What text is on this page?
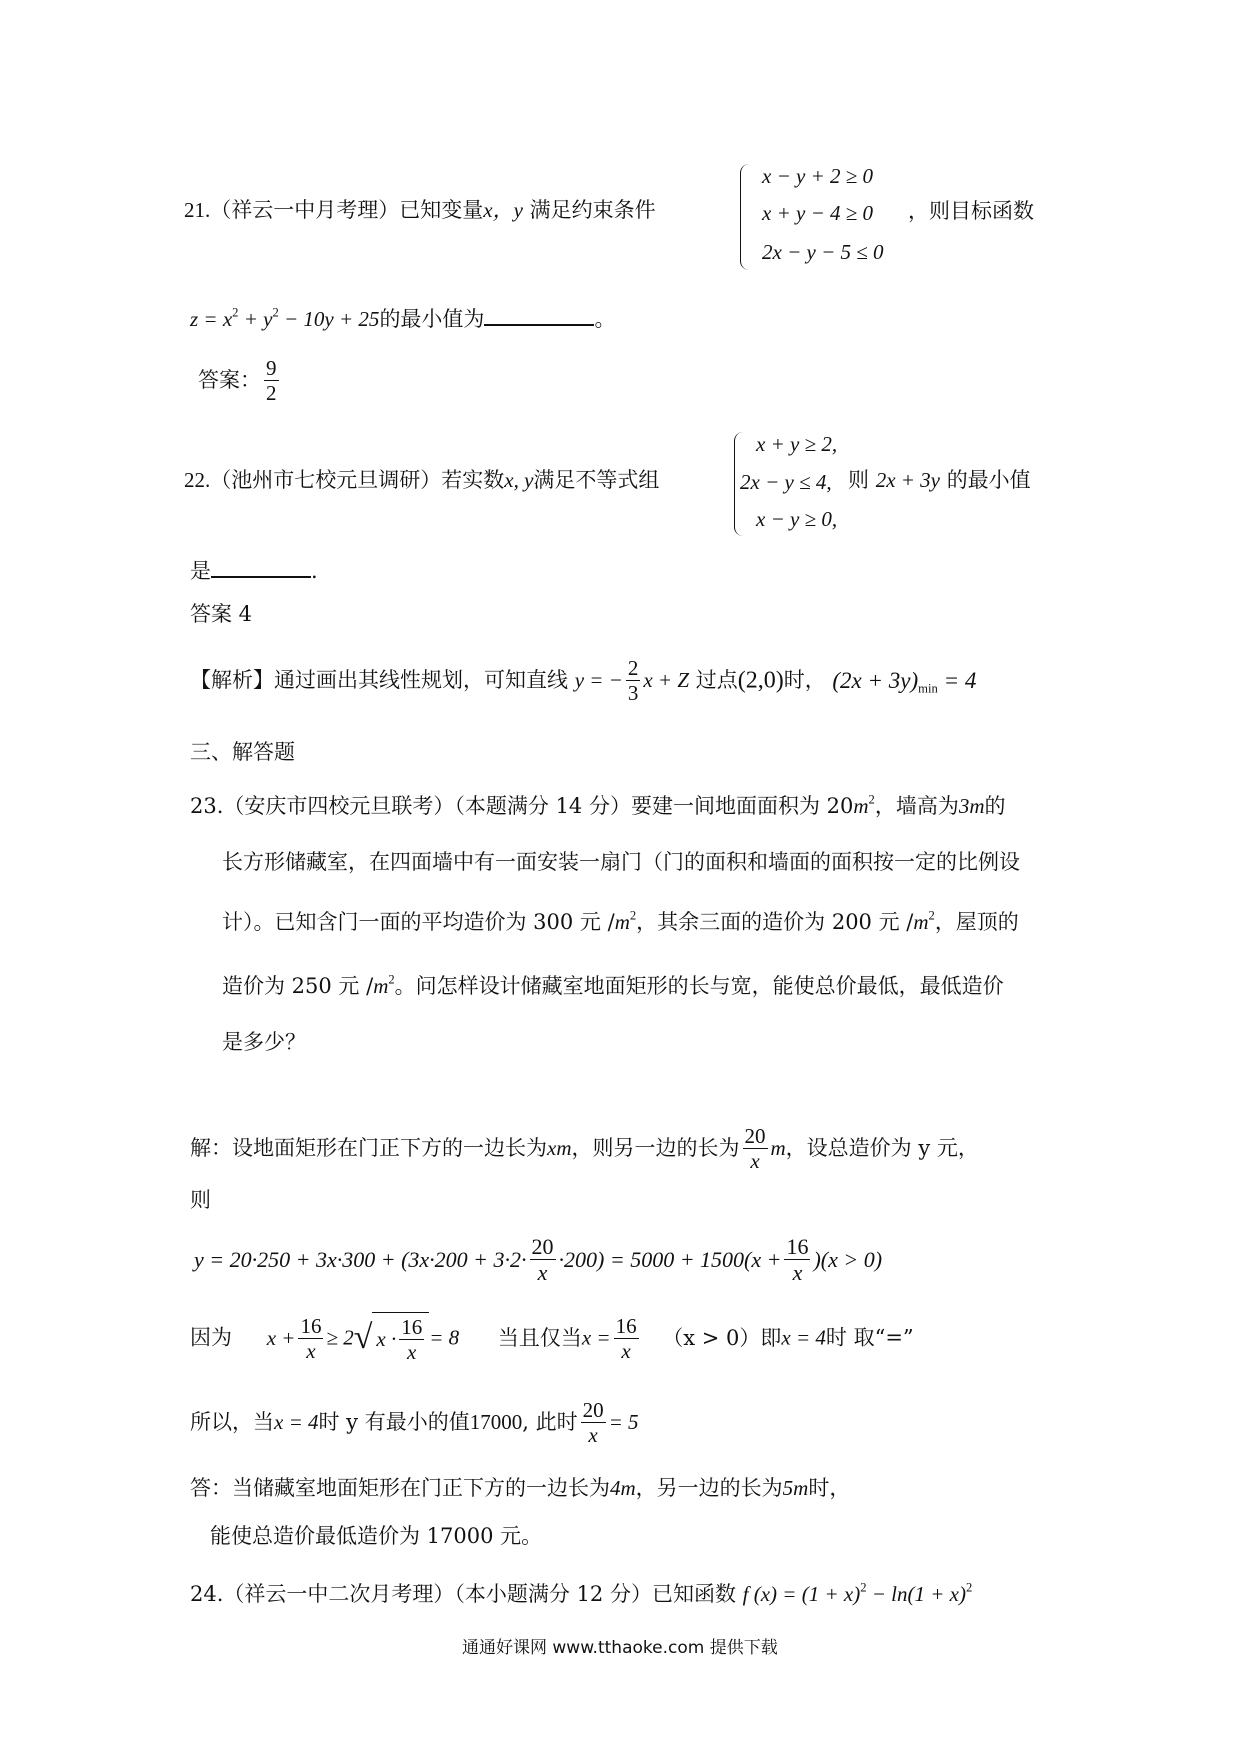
21.（祥云一中月考理）已知变量x，y 满足约束条件
x − y + 2 ≥ 0
x + y − 4 ≥ 0
2x − y − 5 ≤ 0
，则目标函数
$z = x^2 + y^2 - 10y + 25$的最小值为	。
答案： $\frac{9}{2}$
22.（池州市七校元旦调研）若实数x, y满足不等式组
x + y ≥ 2,
2x − y ≤ 4,
x − y ≥ 0,
则 2x + 3y 的最小值
是	.
答案 4
【解析】通过画出其线性规划，可知直线 y = − $\frac{2}{3}$ x + Z 过点(2,0)时， $(2x + 3y)_{min} = 4$
三、解答题
23.（安庆市四校元旦联考）（本题满分 14 分）要建一间地面面积为 $20m^2$，墙高为3m的
长方形储藏室，在四面墙中有一面安装一扇门（门的面积和墙面的面积按一定的比例设
计）。已知含门一面的平均造价为 300 元 $/m^2$，其余三面的造价为 200 元 $/m^2$，屋顶的
造价为 250 元 $/m^2$。问怎样设计储藏室地面矩形的长与宽，能使总价最低，最低造价
是多少？
解：设地面矩形在门正下方的一边长为xm，则另一边的长为 $\frac{20}{x}$ m，设总造价为 y 元，
则
$y = 20\cdot 250 + 3x\cdot 300 + (3x\cdot 200 + 3\cdot 2\cdot \frac{20}{x} \cdot 200) = 5000 + 1500(x + \frac{16}{x} )(x > 0)$
因为 $x + \frac{16}{x} \ge 2√$ $x \cdot \frac{16}{x} = 8$ 当且仅当$x = \frac{16}{x} (x > 0)$即x = 4时 取“=”
所以，当x = 4时 y 有最小的值17000, 此时 $\frac{20}{x} = 5$
答：当储藏室地面矩形在门正下方的一边长为4m，另一边的长为5m时，
能使总造价最低造价为 17000 元。
24.（祥云一中二次月考理）（本小题满分 12 分）已知函数 f $(x) = (1 + x)^2 - \ln(1 + x)^2$
通通好课网 www.tthaoke.com 提供下载
